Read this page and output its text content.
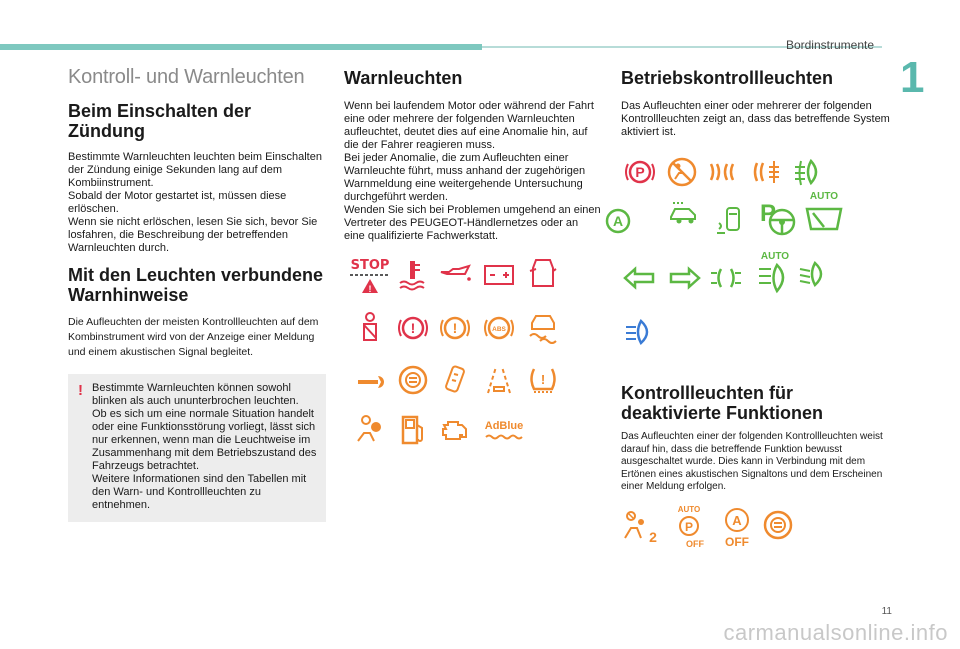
Bordinstrumente
1
Kontroll- und Warnleuchten
Beim Einschalten der Zündung

Bestimmte Warnleuchten leuchten beim Einschalten der Zündung einige Sekunden lang auf dem Kombiinstrument.
Sobald der Motor gestartet ist, müssen diese erlöschen.
Wenn sie nicht erlöschen, lesen Sie sich, bevor Sie losfahren, die Beschreibung der betreffenden Warnleuchten durch.

Mit den Leuchten verbundene Warnhinweise

Die Aufleuchten der meisten Kontrollleuchten auf dem Kombinstrument wird von der Anzeige einer Meldung und einem akustischen Signal begleitet.

! Bestimmte Warnleuchten können sowohl blinken als auch ununterbrochen leuchten.
Ob es sich um eine normale Situation handelt oder eine Funktionsstörung vorliegt, lässt sich nur erkennen, wenn man die Leuchtweise im Zusammenhang mit dem Betriebszustand des Fahrzeugs betrachtet.
Weitere Informationen sind den Tabellen mit den Warn- und Kontrollleuchten zu entnehmen.
Warnleuchten

Wenn bei laufendem Motor oder während der Fahrt eine oder mehrere der folgenden Warnleuchten aufleuchtet, deutet dies auf eine Anomalie hin, auf die der Fahrer reagieren muss.
Bei jeder Anomalie, die zum Aufleuchten einer Warnleuchte führt, muss anhand der zugehörigen Warnmeldung eine weitergehende Untersuchung durchgeführt werden.
Wenden Sie sich bei Problemen umgehend an einen Vertreter des PEUGEOT-Händlernetzes oder an eine qualifizierte Fachwerkstatt.

STOP
!
!	!	ABS
!
AdBlue
Betriebskontrollleuchten

Das Aufleuchten einer oder mehrerer der folgenden Kontrollleuchten zeigt an, dass das betreffende System aktiviert ist.

P
A	P
AUTO
AUTO
Kontrollleuchten für deaktivierte Funktionen

Das Aufleuchten einer der folgenden Kontrollleuchten weist darauf hin, dass die betreffende Funktion bewusst ausgeschaltet wurde. Dies kann in Verbindung mit dem Ertönen eines akustischen Signaltons und dem Erscheinen einer Meldung erfolgen.

2
AUTO
P
OFF
A
OFF
11
carmanualsonline.info
